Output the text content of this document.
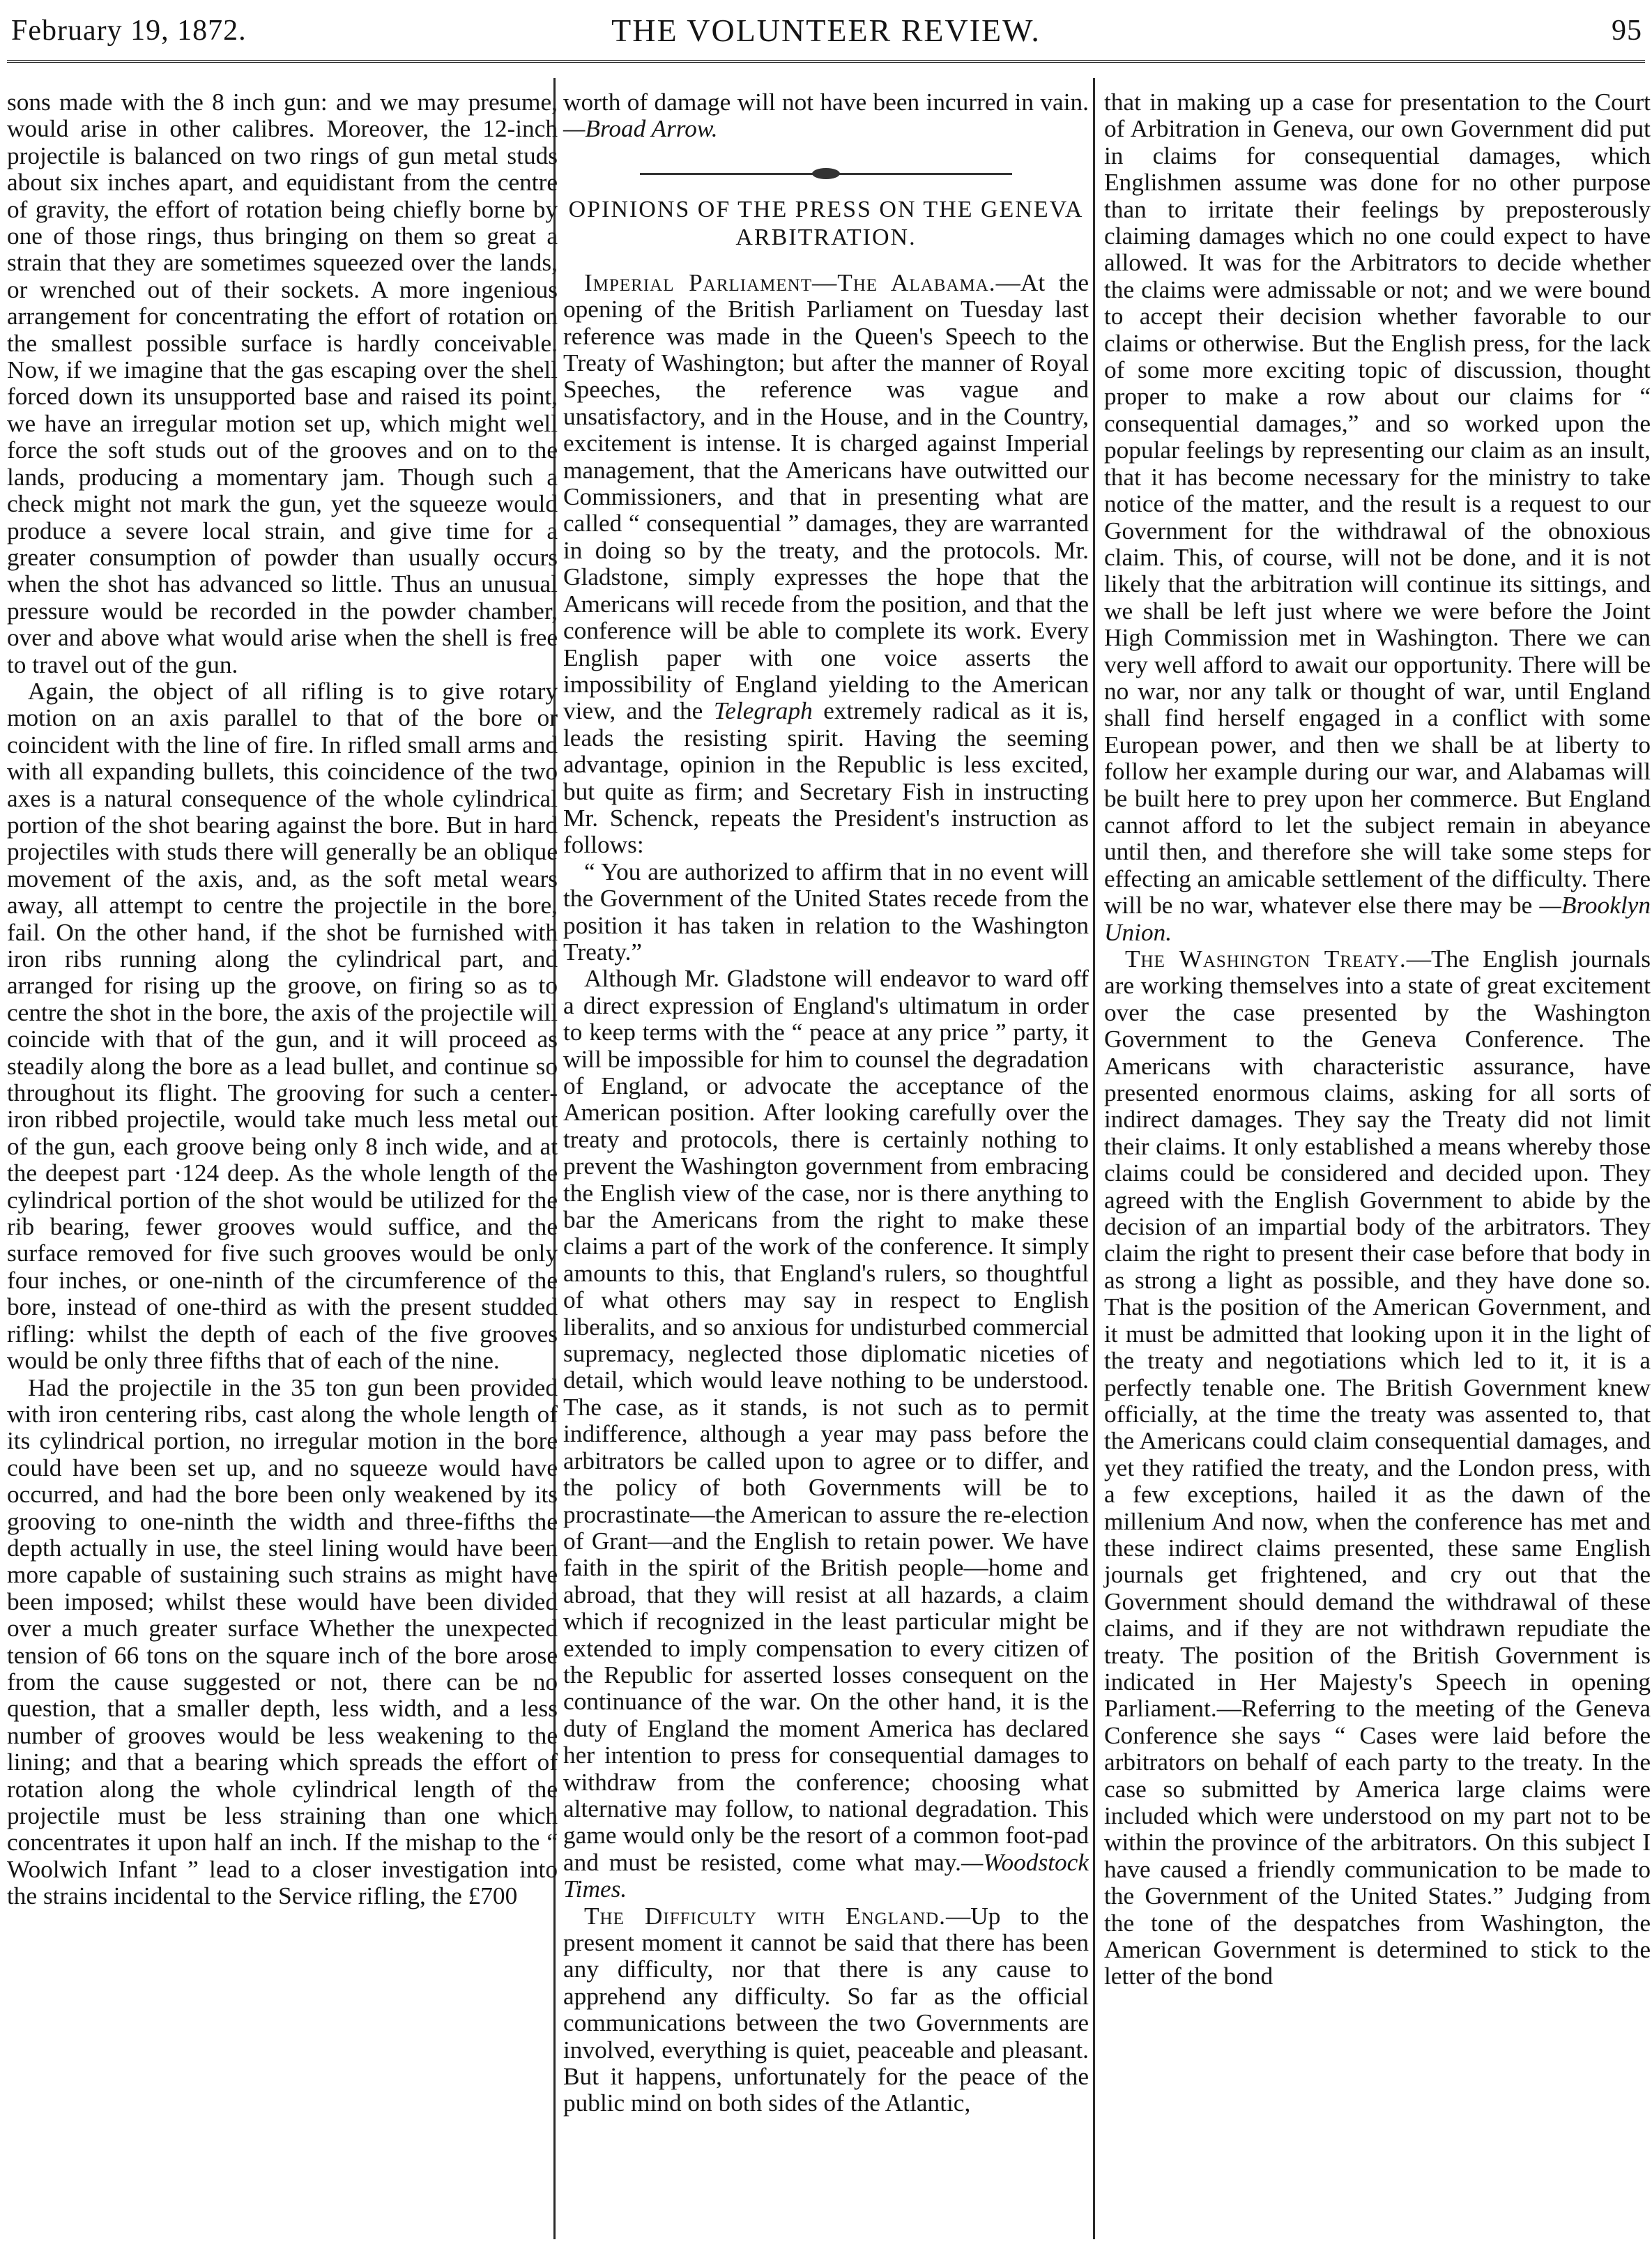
February 19, 1872.	THE VOLUNTEER REVIEW.	95

sons made with the 8 inch gun: and we may presume, would arise in other calibres. Moreover, the 12-inch projectile is balanced on two rings of gun metal studs about six inches apart, and equidistant from the centre of gravity, the effort of rotation being chiefly borne by one of those rings, thus bringing on them so great a strain that they are sometimes squeezed over the lands, or wrenched out of their sockets. A more ingenious arrangement for concentrating the effort of rotation on the smallest possible surface is hardly conceivable. Now, if we imagine that the gas escaping over the shell forced down its unsupported base and raised its point, we have an irregular motion set up, which might well force the soft studs out of the grooves and on to the lands, producing a momentary jam. Though such a check might not mark the gun, yet the squeeze would produce a severe local strain, and give time for a greater consumption of powder than usually occurs when the shot has advanced so little. Thus an unusual pressure would be recorded in the powder chamber, over and above what would arise when the shell is free to travel out of the gun.

Again, the object of all rifling is to give rotary motion on an axis parallel to that of the bore or coincident with the line of fire. In rifled small arms and with all expanding bullets, this coincidence of the two axes is a natural consequence of the whole cylindrical portion of the shot bearing against the bore. But in hard projectiles with studs there will generally be an oblique movement of the axis, and, as the soft metal wears away, all attempt to centre the projectile in the bore, fail. On the other hand, if the shot be furnished with iron ribs running along the cylindrical part, and arranged for rising up the groove, on firing so as to centre the shot in the bore, the axis of the projectile will coincide with that of the gun, and it will proceed as steadily along the bore as a lead bullet, and continue so throughout its flight. The grooving for such a center-iron ribbed projectile, would take much less metal out of the gun, each groove being only 8 inch wide, and at the deepest part ·124 deep. As the whole length of the cylindrical portion of the shot would be utilized for the rib bearing, fewer grooves would suffice, and the surface removed for five such grooves would be only four inches, or one-ninth of the circumference of the bore, instead of one-third as with the present studded rifling: whilst the depth of each of the five grooves would be only three fifths that of each of the nine.

Had the projectile in the 35 ton gun been provided with iron centering ribs, cast along the whole length of its cylindrical portion, no irregular motion in the bore could have been set up, and no squeeze would have occurred, and had the bore been only weakened by its grooving to one-ninth the width and three-fifths the depth actually in use, the steel lining would have been more capable of sustaining such strains as might have been imposed; whilst these would have been divided over a much greater surface Whether the unexpected tension of 66 tons on the square inch of the bore arose from the cause suggested or not, there can be no question, that a smaller depth, less width, and a less number of grooves would be less weakening to the lining; and that a bearing which spreads the effort of rotation along the whole cylindrical length of the projectile must be less straining than one which concentrates it upon half an inch. If the mishap to the “ Woolwich Infant ” lead to a closer investigation into the strains incidental to the Service rifling, the £700

worth of damage will not have been incurred in vain. —Broad Arrow.

OPINIONS OF THE PRESS ON THE GENEVA ARBITRATION.

Imperial Parliament—The Alabama.—At the opening of the British Parliament on Tuesday last reference was made in the Queen's Speech to the Treaty of Washington; but after the manner of Royal Speeches, the reference was vague and unsatisfactory, and in the House, and in the Country, excitement is intense. It is charged against Imperial management, that the Americans have outwitted our Commissioners, and that in presenting what are called “ consequential ” damages, they are warranted in doing so by the treaty, and the protocols. Mr. Gladstone, simply expresses the hope that the Americans will recede from the position, and that the conference will be able to complete its work. Every English paper with one voice asserts the impossibility of England yielding to the American view, and the Telegraph extremely radical as it is, leads the resisting spirit. Having the seeming advantage, opinion in the Republic is less excited, but quite as firm; and Secretary Fish in instructing Mr. Schenck, repeats the President's instruction as follows:

“ You are authorized to affirm that in no event will the Government of the United States recede from the position it has taken in relation to the Washington Treaty.”

Although Mr. Gladstone will endeavor to ward off a direct expression of England's ultimatum in order to keep terms with the “ peace at any price ” party, it will be impossible for him to counsel the degradation of England, or advocate the acceptance of the American position. After looking carefully over the treaty and protocols, there is certainly nothing to prevent the Washington government from embracing the English view of the case, nor is there anything to bar the Americans from the right to make these claims a part of the work of the conference. It simply amounts to this, that England's rulers, so thoughtful of what others may say in respect to English liberalits, and so anxious for undisturbed commercial supremacy, neglected those diplomatic niceties of detail, which would leave nothing to be understood. The case, as it stands, is not such as to permit indifference, although a year may pass before the arbitrators be called upon to agree or to differ, and the policy of both Governments will be to procrastinate—the American to assure the re-election of Grant—and the English to retain power. We have faith in the spirit of the British people—home and abroad, that they will resist at all hazards, a claim which if recognized in the least particular might be extended to imply compensation to every citizen of the Republic for asserted losses consequent on the continuance of the war. On the other hand, it is the duty of England the moment America has declared her intention to press for consequential damages to withdraw from the conference; choosing what alternative may follow, to national degradation. This game would only be the resort of a common foot-pad and must be resisted, come what may.—Woodstock Times.

The Difficulty with England.—Up to the present moment it cannot be said that there has been any difficulty, nor that there is any cause to apprehend any difficulty. So far as the official communications between the two Governments are involved, everything is quiet, peaceable and pleasant. But it happens, unfortunately for the peace of the public mind on both sides of the Atlantic,

that in making up a case for presentation to the Court of Arbitration in Geneva, our own Government did put in claims for consequential damages, which Englishmen assume was done for no other purpose than to irritate their feelings by preposterously claiming damages which no one could expect to have allowed. It was for the Arbitrators to decide whether the claims were admissable or not; and we were bound to accept their decision whether favorable to our claims or otherwise. But the English press, for the lack of some more exciting topic of discussion, thought proper to make a row about our claims for “ consequential damages,” and so worked upon the popular feelings by representing our claim as an insult, that it has become necessary for the ministry to take notice of the matter, and the result is a request to our Government for the withdrawal of the obnoxious claim. This, of course, will not be done, and it is not likely that the arbitration will continue its sittings, and we shall be left just where we were before the Joint High Commission met in Washington. There we can very well afford to await our opportunity. There will be no war, nor any talk or thought of war, until England shall find herself engaged in a conflict with some European power, and then we shall be at liberty to follow her example during our war, and Alabamas will be built here to prey upon her commerce. But England cannot afford to let the subject remain in abeyance until then, and therefore she will take some steps for effecting an amicable settlement of the difficulty. There will be no war, whatever else there may be —Brooklyn Union.

The Washington Treaty.—The English journals are working themselves into a state of great excitement over the case presented by the Washington Government to the Geneva Conference. The Americans with characteristic assurance, have presented enormous claims, asking for all sorts of indirect damages. They say the Treaty did not limit their claims. It only established a means whereby those claims could be considered and decided upon. They agreed with the English Government to abide by the decision of an impartial body of the arbitrators. They claim the right to present their case before that body in as strong a light as possible, and they have done so. That is the position of the American Government, and it must be admitted that looking upon it in the light of the treaty and negotiations which led to it, it is a perfectly tenable one. The British Government knew officially, at the time the treaty was assented to, that the Americans could claim consequential damages, and yet they ratified the treaty, and the London press, with a few exceptions, hailed it as the dawn of the millenium And now, when the conference has met and these indirect claims presented, these same English journals get frightened, and cry out that the Government should demand the withdrawal of these claims, and if they are not withdrawn repudiate the treaty. The position of the British Government is indicated in Her Majesty's Speech in opening Parliament.—Referring to the meeting of the Geneva Conference she says “ Cases were laid before the arbitrators on behalf of each party to the treaty. In the case so submitted by America large claims were included which were understood on my part not to be within the province of the arbitrators. On this subject I have caused a friendly communication to be made to the Government of the United States.” Judging from the tone of the despatches from Washington, the American Government is determined to stick to the letter of the bond
